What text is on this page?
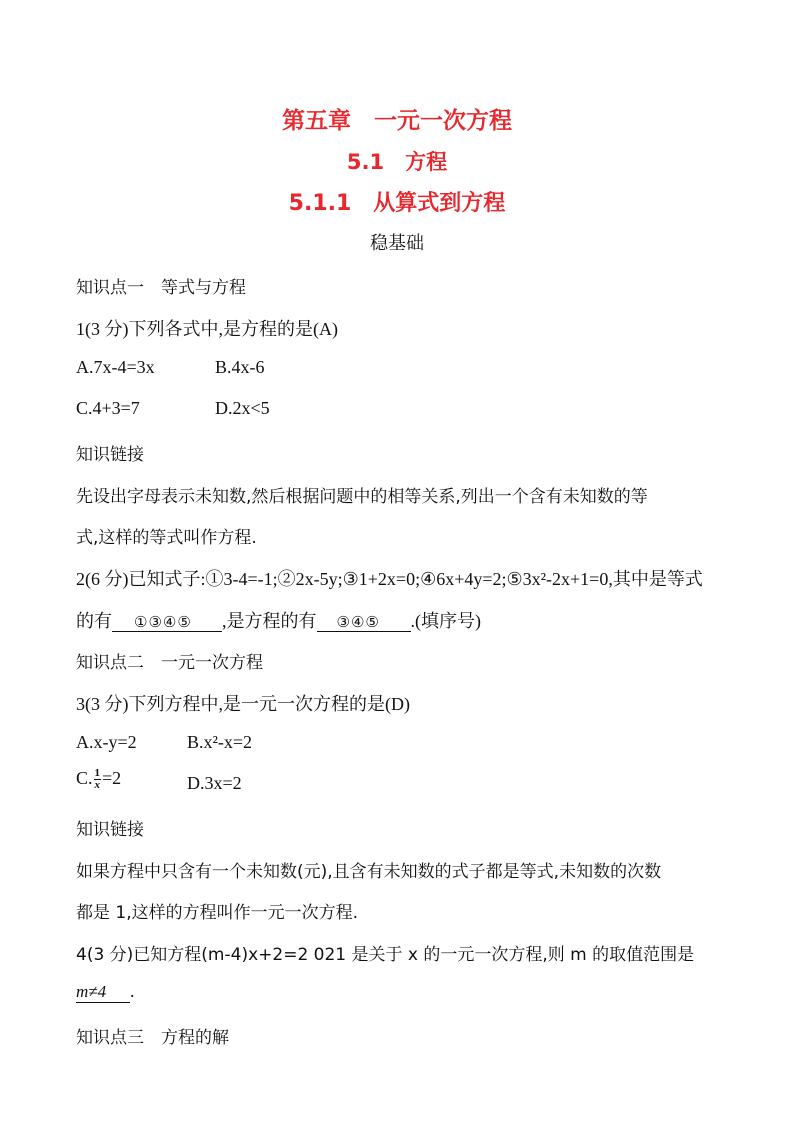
第五章　一元一次方程
5.1　方程
5.1.1　从算式到方程
稳基础
知识点一　等式与方程
1(3 分)下列各式中,是方程的是(A)
A.7x-4=3x	B.4x-6
C.4+3=7	D.2x<5
知识链接
先设出字母表示未知数,然后根据问题中的相等关系,列出一个含有未知数的等
式,这样的等式叫作方程.
2(6 分)已知式子:①3-4=-1;②2x-5y;③1+2x=0;④6x+4y=2;⑤3x²-2x+1=0,其中是等式
的有 ①③④⑤ ,是方程的有 ③④⑤ .(填序号)
知识点二　一元一次方程
3(3 分)下列方程中,是一元一次方程的是(D)
A.x-y=2	B.x²-x=2
C. $\frac{1}{x} =2$	D.3x=2
知识链接
如果方程中只含有一个未知数(元),且含有未知数的式子都是等式,未知数的次数
都是 1,这样的方程叫作一元一次方程.
4(3 分)已知方程(m-4)x+2=2 021 是关于 x 的一元一次方程,则 m 的取值范围是
m≠4 .
知识点三　方程的解
